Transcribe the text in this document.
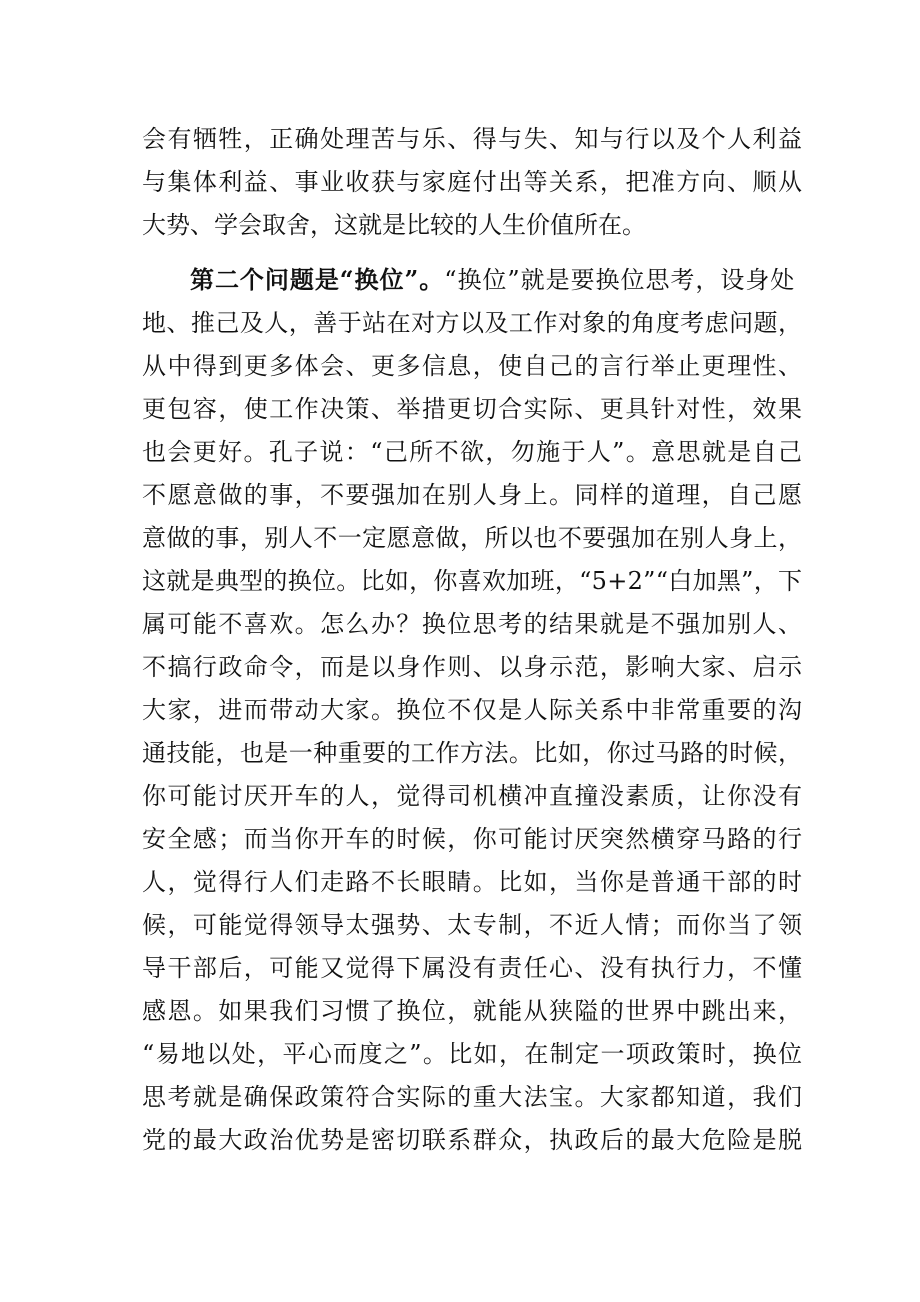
会有牺牲，正确处理苦与乐、得与失、知与行以及个人利益
与集体利益、事业收获与家庭付出等关系，把准方向、顺从
大势、学会取舍，这就是比较的人生价值所在。
第二个问题是“换位”。“换位”就是要换位思考，设身处
地、推己及人，善于站在对方以及工作对象的角度考虑问题，
从中得到更多体会、更多信息，使自己的言行举止更理性、
更包容，使工作决策、举措更切合实际、更具针对性，效果
也会更好。孔子说：“己所不欲，勿施于人”。意思就是自己
不愿意做的事，不要强加在别人身上。同样的道理，自己愿
意做的事，别人不一定愿意做，所以也不要强加在别人身上，
这就是典型的换位。比如，你喜欢加班，“5+2”“白加黑”，下
属可能不喜欢。怎么办？换位思考的结果就是不强加别人、
不搞行政命令，而是以身作则、以身示范，影响大家、启示
大家，进而带动大家。换位不仅是人际关系中非常重要的沟
通技能，也是一种重要的工作方法。比如，你过马路的时候，
你可能讨厌开车的人，觉得司机横冲直撞没素质，让你没有
安全感；而当你开车的时候，你可能讨厌突然横穿马路的行
人，觉得行人们走路不长眼睛。比如，当你是普通干部的时
候，可能觉得领导太强势、太专制，不近人情；而你当了领
导干部后，可能又觉得下属没有责任心、没有执行力，不懂
感恩。如果我们习惯了换位，就能从狭隘的世界中跳出来，
“易地以处，平心而度之”。比如，在制定一项政策时，换位
思考就是确保政策符合实际的重大法宝。大家都知道，我们
党的最大政治优势是密切联系群众，执政后的最大危险是脱
